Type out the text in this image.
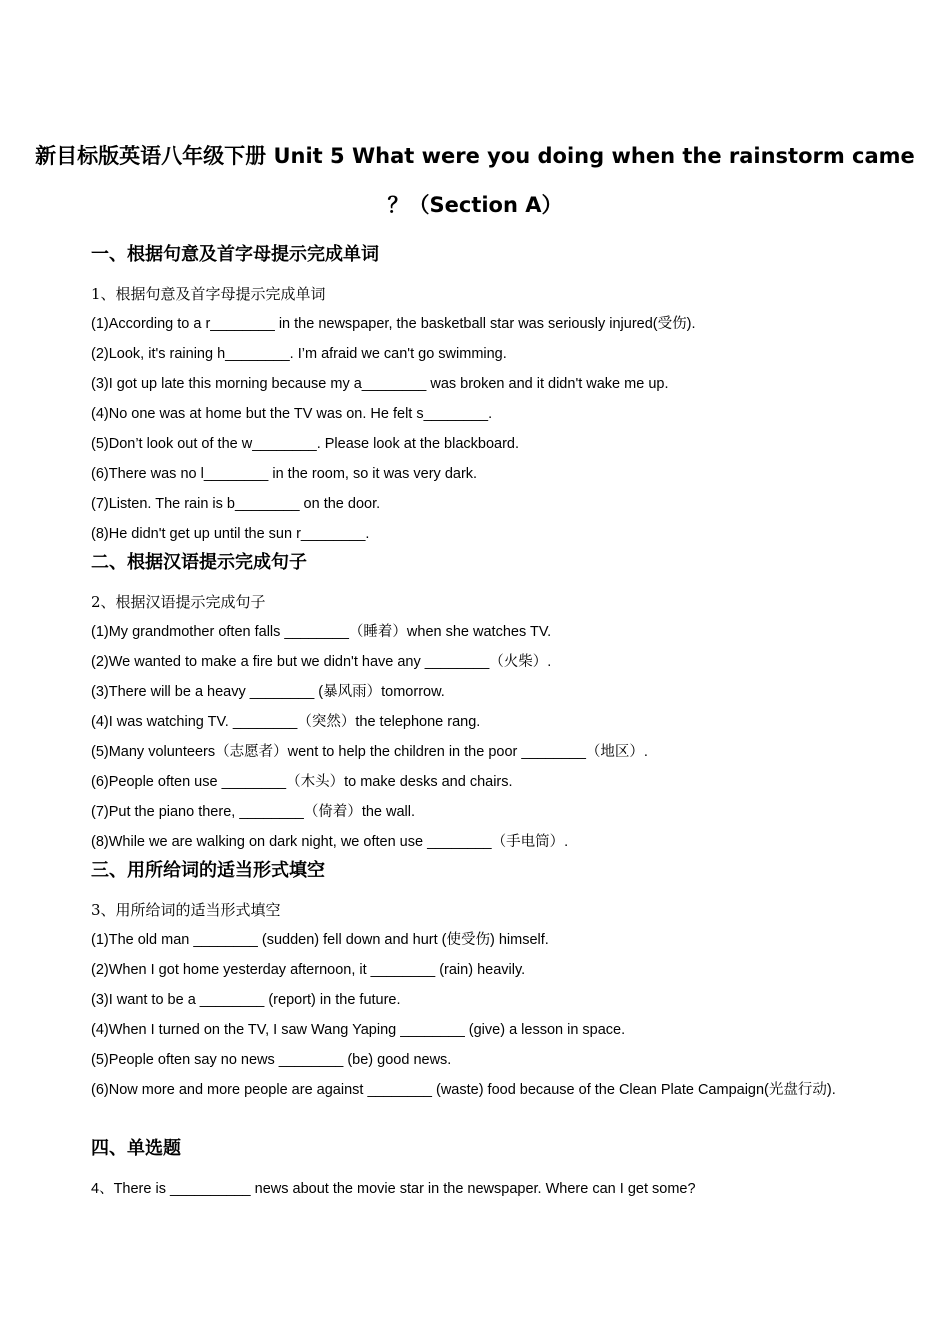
新目标版英语八年级下册 Unit 5 What were you doing when the rainstorm came
？（Section A）
一、根据句意及首字母提示完成单词
1、根据句意及首字母提示完成单词
(1)According to a r________ in the newspaper, the basketball star was seriously injured(受伤).
(2)Look, it's raining h________. I’m afraid we can't go swimming.
(3)I got up late this morning because my a________ was broken and it didn't wake me up.
(4)No one was at home but the TV was on. He felt s________.
(5)Don’t look out of the w________. Please look at the blackboard.
(6)There was no l________ in the room, so it was very dark.
(7)Listen. The rain is b________ on the door.
(8)He didn't get up until the sun r________.
二、根据汉语提示完成句子
2、根据汉语提示完成句子
(1)My grandmother often falls ________（睡着）when she watches TV.
(2)We wanted to make a fire but we didn't have any ________（火柴）.
(3)There will be a heavy ________ (暴风雨）tomorrow.
(4)I was watching TV. ________（突然）the telephone rang.
(5)Many volunteers（志愿者）went to help the children in the poor ________（地区）.
(6)People often use ________（木头）to make desks and chairs.
(7)Put the piano there, ________（倚着）the wall.
(8)While we are walking on dark night, we often use ________（手电筒）.
三、用所给词的适当形式填空
3、用所给词的适当形式填空
(1)The old man ________ (sudden) fell down and hurt (使受伤) himself.
(2)When I got home yesterday afternoon, it ________ (rain) heavily.
(3)I want to be a ________ (report) in the future.
(4)When I turned on the TV, I saw Wang Yaping ________ (give) a lesson in space.
(5)People often say no news ________ (be) good news.
(6)Now more and more people are against ________ (waste) food because of the Clean Plate Campaign(光盘行动).
四、单选题
4、There is __________ news about the movie star in the newspaper. Where can I get some?
